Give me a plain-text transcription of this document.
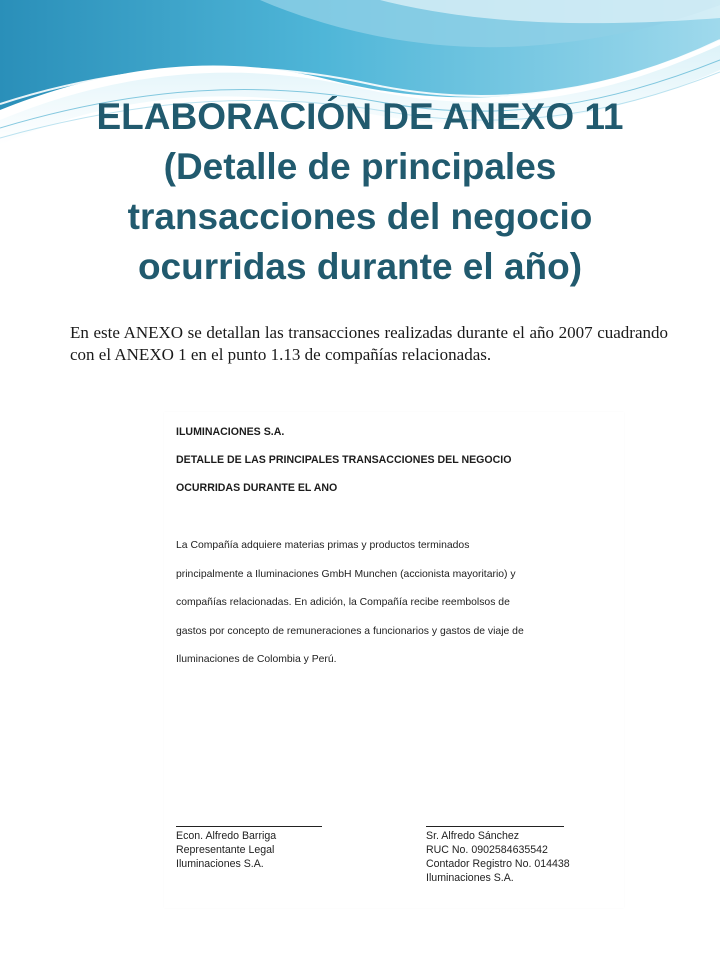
ELABORACIÓN DE ANEXO 11
(Detalle de principales
transacciones del negocio
ocurridas durante el año)

En este ANEXO se detallan las transacciones realizadas durante el año 2007 cuadrando con el ANEXO 1 en el punto 1.13 de compañías relacionadas.

ILUMINACIONES S.A.

DETALLE DE LAS PRINCIPALES TRANSACCIONES DEL NEGOCIO

OCURRIDAS DURANTE EL ANO

La Compañía adquiere materias primas y productos terminados

principalmente a Iluminaciones GmbH Munchen (accionista mayoritario) y

compañías relacionadas. En adición, la Compañía recibe reembolsos de

gastos por concepto de remuneraciones a funcionarios y gastos de viaje de

Iluminaciones de Colombia y Perú.

Econ. Alfredo Barriga
Representante Legal
Iluminaciones S.A.
Sr. Alfredo Sánchez
RUC No. 0902584635542
Contador Registro No. 014438
Iluminaciones S.A.
